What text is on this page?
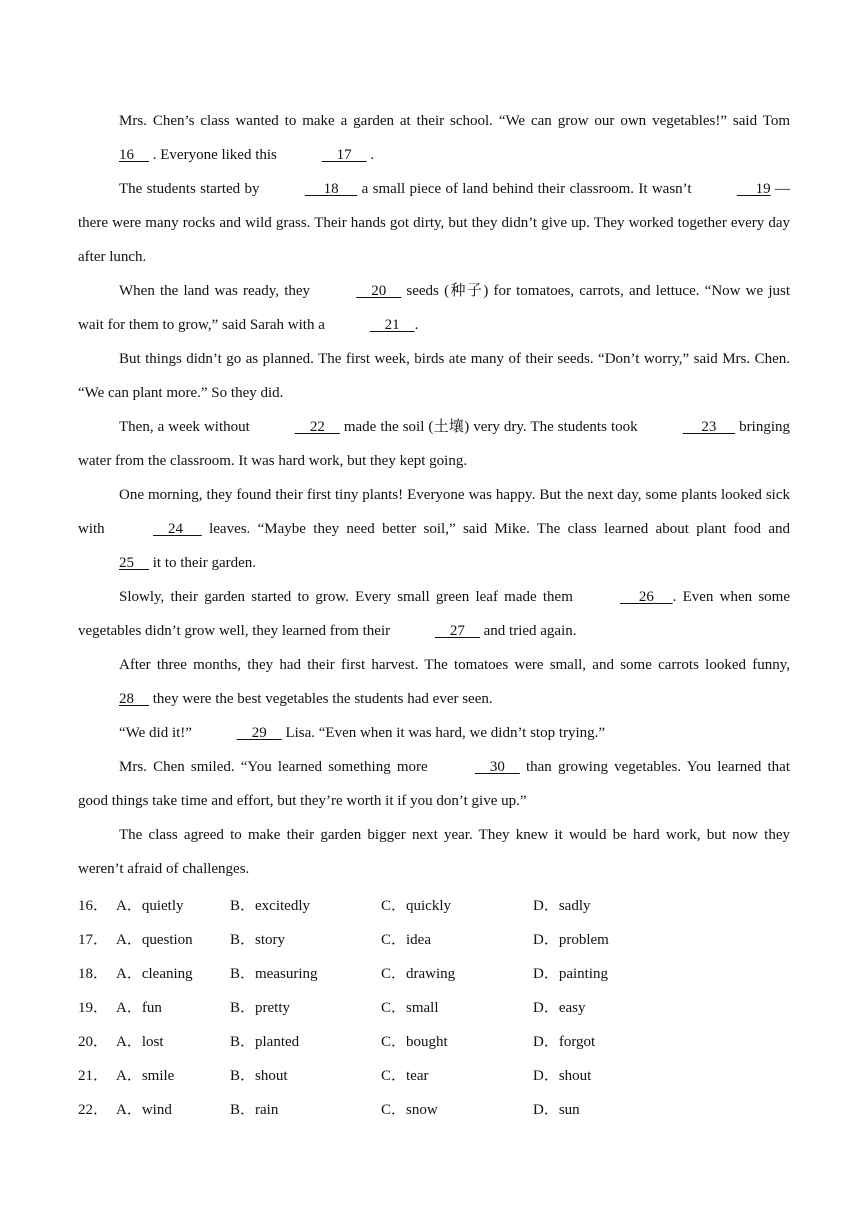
Mrs. Chen’s class wanted to make a garden at their school. “We can grow our own vegetables!” said Tom 16     . Everyone liked this	17     .

The students started by	18      a small piece of land behind their classroom. It wasn’t	19 —there were many rocks and wild grass. Their hands got dirty, but they didn’t give up. They worked together every day after lunch.

When the land was ready, they	20     seeds (种子) for tomatoes, carrots, and lettuce. “Now we just wait for them to grow,” said Sarah with a	21    .

But things didn’t go as planned. The first week, birds ate many of their seeds. “Don’t worry,” said Mrs. Chen. “We can plant more.” So they did.

Then, a week without	22     made the soil (土壤) very dry. The students took	23      bringing water from the classroom. It was hard work, but they kept going.

One morning, they found their first tiny plants! Everyone was happy. But the next day, some plants looked sick with	24      leaves. “Maybe they need better soil,” said Mike. The class learned about plant food and 25     it to their garden.

Slowly, their garden started to grow. Every small green leaf made them	26     . Even when some vegetables didn’t grow well, they learned from their	27     and tried again.

After three months, they had their first harvest. The tomatoes were small, and some carrots looked funny, 28     they were the best vegetables the students had ever seen.

“We did it!”	29     Lisa. “Even when it was hard, we didn’t stop trying.”

Mrs. Chen smiled. “You learned something more	30     than growing vegetables. You learned that good things take time and effort, but they’re worth it if you don’t give up.”

The class agreed to make their garden bigger next year. They knew it would be hard work, but now they weren’t afraid of challenges.

16． A．quietly	B．excitedly	C．quickly	D．sadly
17． A．question B．story	C．idea	D．problem
18． A．cleaning B．measuring	C．drawing	D．painting
19． A．fun	B．pretty	C．small	D．easy
20． A．lost	B．planted	C．bought	D．forgot
21． A．smile	B．shout	C．tear	D．shout
22． A．wind	B．rain	C．snow	D．sun
